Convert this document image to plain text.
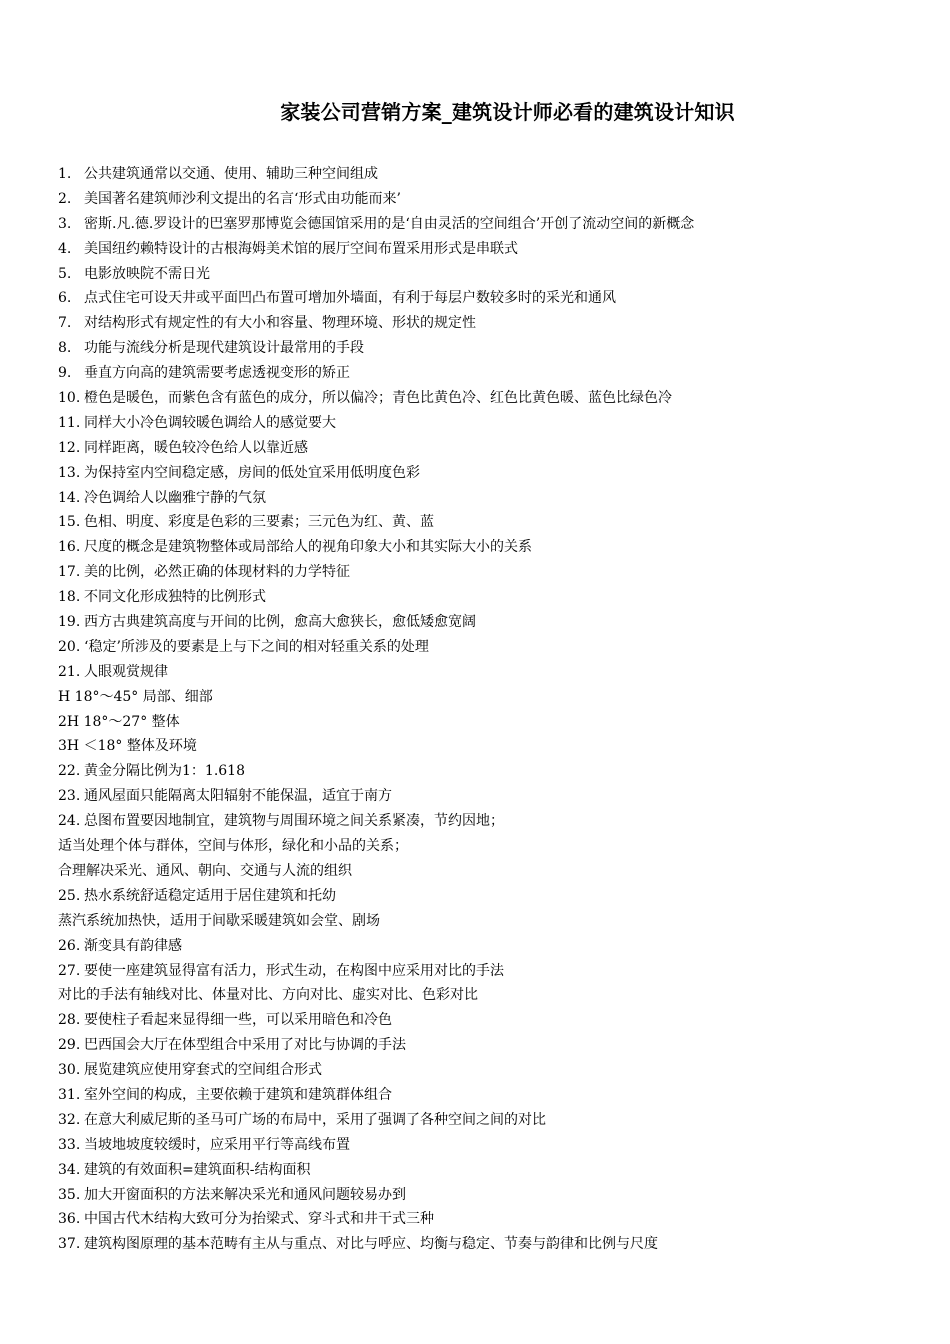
家装公司营销方案_建筑设计师必看的建筑设计知识
1. 公共建筑通常以交通、使用、辅助三种空间组成
2. 美国著名建筑师沙利文提出的名言‘形式由功能而来’
3. 密斯.凡.德.罗设计的巴塞罗那博览会德国馆采用的是‘自由灵活的空间组合’开创了流动空间的新概念
4. 美国纽约赖特设计的古根海姆美术馆的展厅空间布置采用形式是串联式
5. 电影放映院不需日光
6. 点式住宅可设天井或平面凹凸布置可增加外墙面，有利于每层户数较多时的采光和通风
7. 对结构形式有规定性的有大小和容量、物理环境、形状的规定性
8. 功能与流线分析是现代建筑设计最常用的手段
9. 垂直方向高的建筑需要考虑透视变形的矫正
10. 橙色是暖色，而紫色含有蓝色的成分，所以偏冷；青色比黄色冷、红色比黄色暖、蓝色比绿色冷
11. 同样大小冷色调较暖色调给人的感觉要大
12. 同样距离，暖色较冷色给人以靠近感
13. 为保持室内空间稳定感，房间的低处宜采用低明度色彩
14. 冷色调给人以幽雅宁静的气氛
15. 色相、明度、彩度是色彩的三要素；三元色为红、黄、蓝
16. 尺度的概念是建筑物整体或局部给人的视角印象大小和其实际大小的关系
17. 美的比例，必然正确的体现材料的力学特征
18. 不同文化形成独特的比例形式
19. 西方古典建筑高度与开间的比例，愈高大愈狭长，愈低矮愈宽阔
20. ‘稳定’所涉及的要素是上与下之间的相对轻重关系的处理
21. 人眼观赏规律
H 18°～45° 局部、细部
2H 18°～27° 整体
3H ＜18° 整体及环境
22. 黄金分隔比例为1：1.618
23. 通风屋面只能隔离太阳辐射不能保温，适宜于南方
24. 总图布置要因地制宜，建筑物与周围环境之间关系紧凑，节约因地；
适当处理个体与群体，空间与体形，绿化和小品的关系；
合理解决采光、通风、朝向、交通与人流的组织
25. 热水系统舒适稳定适用于居住建筑和托幼
蒸汽系统加热快，适用于间歇采暖建筑如会堂、剧场
26. 渐变具有韵律感
27. 要使一座建筑显得富有活力，形式生动，在构图中应采用对比的手法
对比的手法有轴线对比、体量对比、方向对比、虚实对比、色彩对比
28. 要使柱子看起来显得细一些，可以采用暗色和冷色
29. 巴西国会大厅在体型组合中采用了对比与协调的手法
30. 展览建筑应使用穿套式的空间组合形式
31. 室外空间的构成，主要依赖于建筑和建筑群体组合
32. 在意大利威尼斯的圣马可广场的布局中，采用了强调了各种空间之间的对比
33. 当坡地坡度较缓时，应采用平行等高线布置
34. 建筑的有效面积=建筑面积-结构面积
35. 加大开窗面积的方法来解决采光和通风问题较易办到
36. 中国古代木结构大致可分为抬梁式、穿斗式和井干式三种
37. 建筑构图原理的基本范畴有主从与重点、对比与呼应、均衡与稳定、节奏与韵律和比例与尺度
